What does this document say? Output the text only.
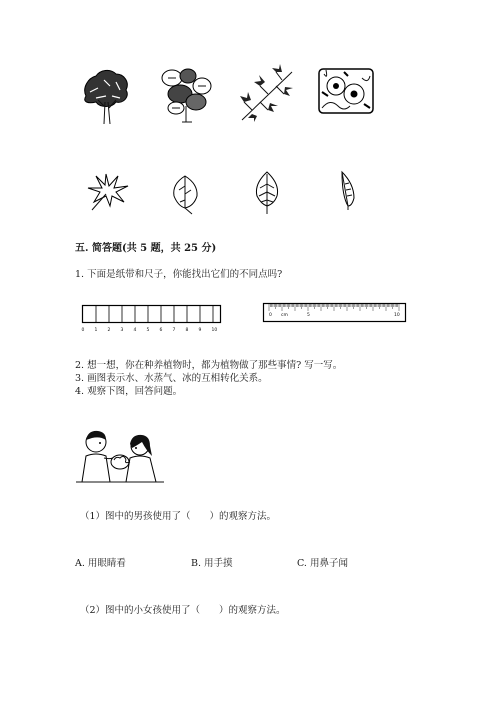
五. 简答题(共 5 题，共 25 分)
1. 下面是纸带和尺子，你能找出它们的不同点吗?
0 1 2 3 4 5 6 7 8 9 10
0	5
cm	10
2. 想一想，你在种养植物时，都为植物做了那些事情? 写一写。
3. 画图表示水、水蒸气、冰的互相转化关系。
4. 观察下图，回答问题。
（1）图中的男孩使用了（　　）的观察方法。
A. 用眼睛看	B. 用手摸	C. 用鼻子闻
（2）图中的小女孩使用了（　　）的观察方法。
